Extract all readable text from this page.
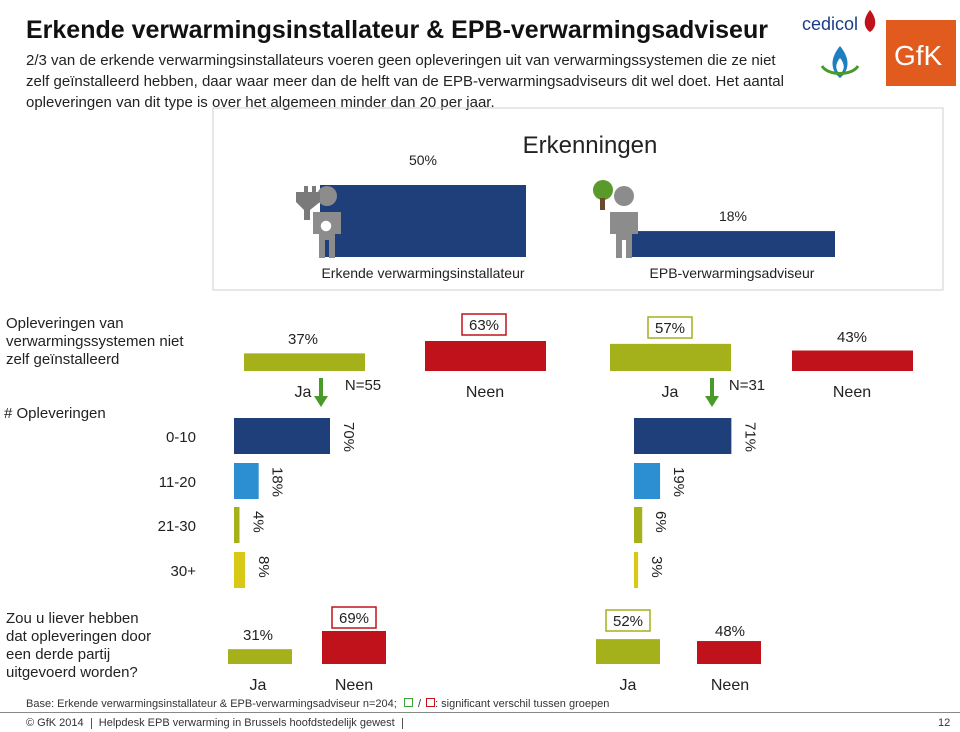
Erkende verwarmingsinstallateur & EPB-verwarmingsadviseur
2/3 van de erkende verwarmingsinstallateurs voeren geen opleveringen uit van verwarmingssystemen die ze niet zelf geïnstalleerd hebben, daar waar meer dan de helft van de EPB-verwarmingsadviseurs dit wel doet. Het aantal opleveringen van dit type is over het algemeen minder dan 20 per jaar.
Erkenningen
50%
Erkende verwarmingsinstallateur
18%
EPB-verwarmingsadviseur
Opleveringen van
verwarmingssystemen niet
zelf geïnstalleerd
37%
63%
Ja	Neen
N=55
57%
43%
Ja	Neen
N=31
# Opleveringen
0-10
11-20
21-30
30+
70%
18%
4%
8%
71%
19%
6%
3%
Zou u liever hebben
dat opleveringen door
een derde partij
uitgevoerd worden?
31%
69%
Ja	Neen
52%
48%
Ja	Neen
cedicol
GfK
Base: Erkende verwarmingsinstallateur & EPB-verwarmingsadviseur n=204; / : significant verschil tussen groepen
© GfK 2014 Helpdesk EPB verwarming in Brussels hoofdstedelijk gewest	12
